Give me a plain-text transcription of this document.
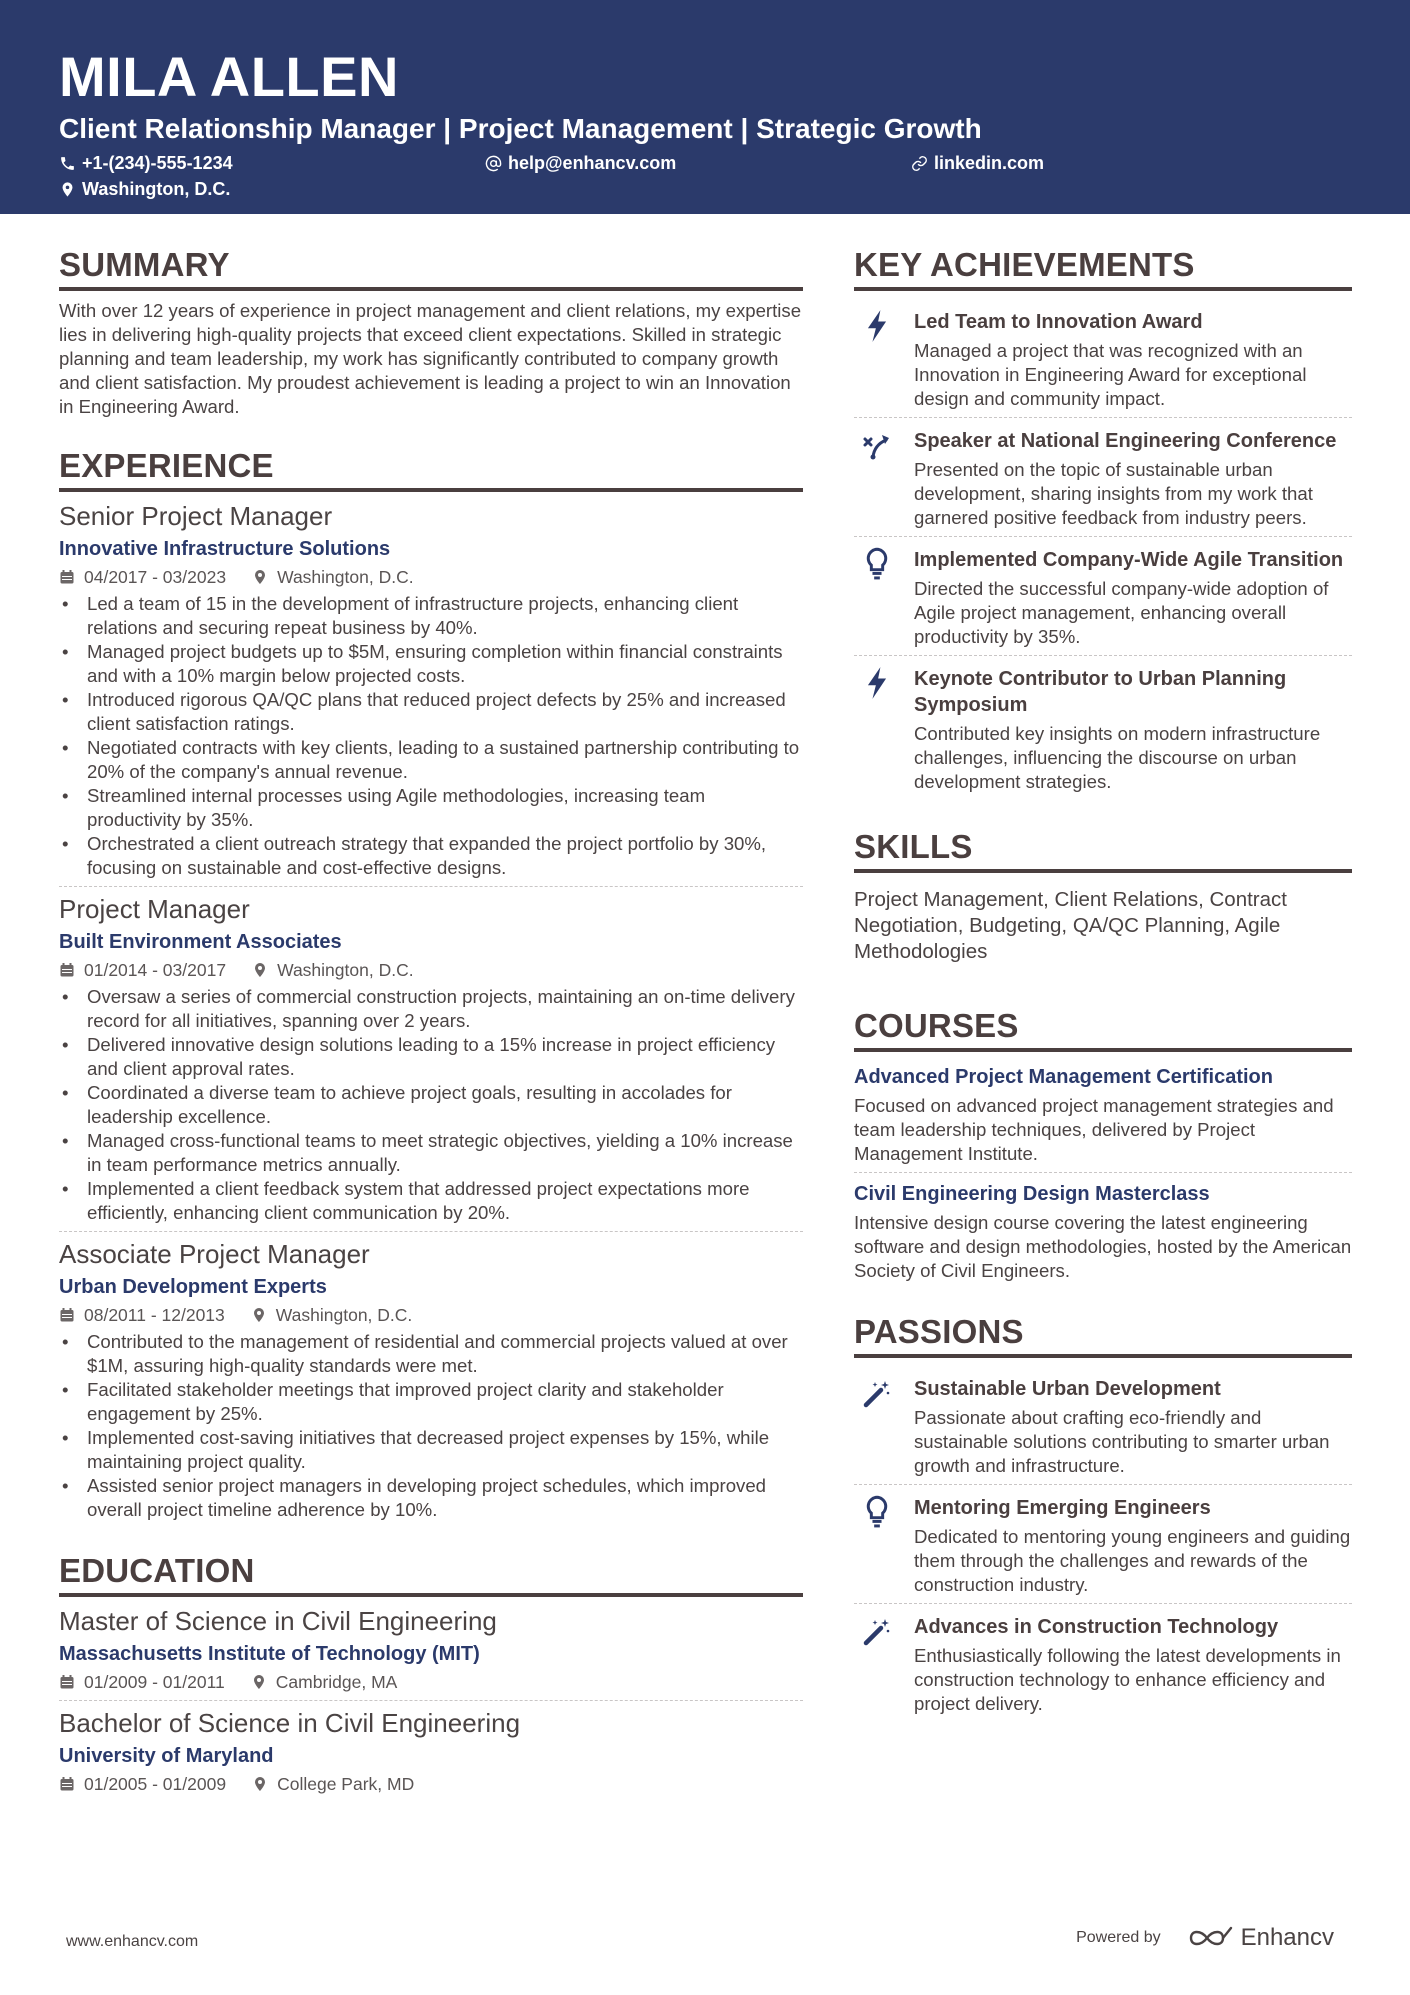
MILA ALLEN
Client Relationship Manager | Project Management | Strategic Growth
+1-(234)-555-1234	help@enhancv.com	linkedin.com
Washington, D.C.
SUMMARY
With over 12 years of experience in project management and client relations, my expertise lies in delivering high-quality projects that exceed client expectations. Skilled in strategic planning and team leadership, my work has significantly contributed to company growth and client satisfaction. My proudest achievement is leading a project to win an Innovation in Engineering Award.
EXPERIENCE
Senior Project Manager
Innovative Infrastructure Solutions
04/2017 - 03/2023	Washington, D.C.
• Led a team of 15 in the development of infrastructure projects, enhancing client relations and securing repeat business by 40%.
• Managed project budgets up to $5M, ensuring completion within financial constraints and with a 10% margin below projected costs.
• Introduced rigorous QA/QC plans that reduced project defects by 25% and increased client satisfaction ratings.
• Negotiated contracts with key clients, leading to a sustained partnership contributing to 20% of the company's annual revenue.
• Streamlined internal processes using Agile methodologies, increasing team productivity by 35%.
• Orchestrated a client outreach strategy that expanded the project portfolio by 30%, focusing on sustainable and cost-effective designs.
Project Manager
Built Environment Associates
01/2014 - 03/2017	Washington, D.C.
• Oversaw a series of commercial construction projects, maintaining an on-time delivery record for all initiatives, spanning over 2 years.
• Delivered innovative design solutions leading to a 15% increase in project efficiency and client approval rates.
• Coordinated a diverse team to achieve project goals, resulting in accolades for leadership excellence.
• Managed cross-functional teams to meet strategic objectives, yielding a 10% increase in team performance metrics annually.
• Implemented a client feedback system that addressed project expectations more efficiently, enhancing client communication by 20%.
Associate Project Manager
Urban Development Experts
08/2011 - 12/2013	Washington, D.C.
• Contributed to the management of residential and commercial projects valued at over $1M, assuring high-quality standards were met.
• Facilitated stakeholder meetings that improved project clarity and stakeholder engagement by 25%.
• Implemented cost-saving initiatives that decreased project expenses by 15%, while maintaining project quality.
• Assisted senior project managers in developing project schedules, which improved overall project timeline adherence by 10%.
EDUCATION
Master of Science in Civil Engineering
Massachusetts Institute of Technology (MIT)
01/2009 - 01/2011	Cambridge, MA
Bachelor of Science in Civil Engineering
University of Maryland
01/2005 - 01/2009	College Park, MD
KEY ACHIEVEMENTS
Led Team to Innovation Award
Managed a project that was recognized with an Innovation in Engineering Award for exceptional design and community impact.
Speaker at National Engineering Conference
Presented on the topic of sustainable urban development, sharing insights from my work that garnered positive feedback from industry peers.
Implemented Company-Wide Agile Transition
Directed the successful company-wide adoption of Agile project management, enhancing overall productivity by 35%.
Keynote Contributor to Urban Planning Symposium
Contributed key insights on modern infrastructure challenges, influencing the discourse on urban development strategies.
SKILLS
Project Management, Client Relations, Contract Negotiation, Budgeting, QA/QC Planning, Agile Methodologies
COURSES
Advanced Project Management Certification
Focused on advanced project management strategies and team leadership techniques, delivered by Project Management Institute.
Civil Engineering Design Masterclass
Intensive design course covering the latest engineering software and design methodologies, hosted by the American Society of Civil Engineers.
PASSIONS
Sustainable Urban Development
Passionate about crafting eco-friendly and sustainable solutions contributing to smarter urban growth and infrastructure.
Mentoring Emerging Engineers
Dedicated to mentoring young engineers and guiding them through the challenges and rewards of the construction industry.
Advances in Construction Technology
Enthusiastically following the latest developments in construction technology to enhance efficiency and project delivery.
www.enhancv.com	Powered by	Enhancv
